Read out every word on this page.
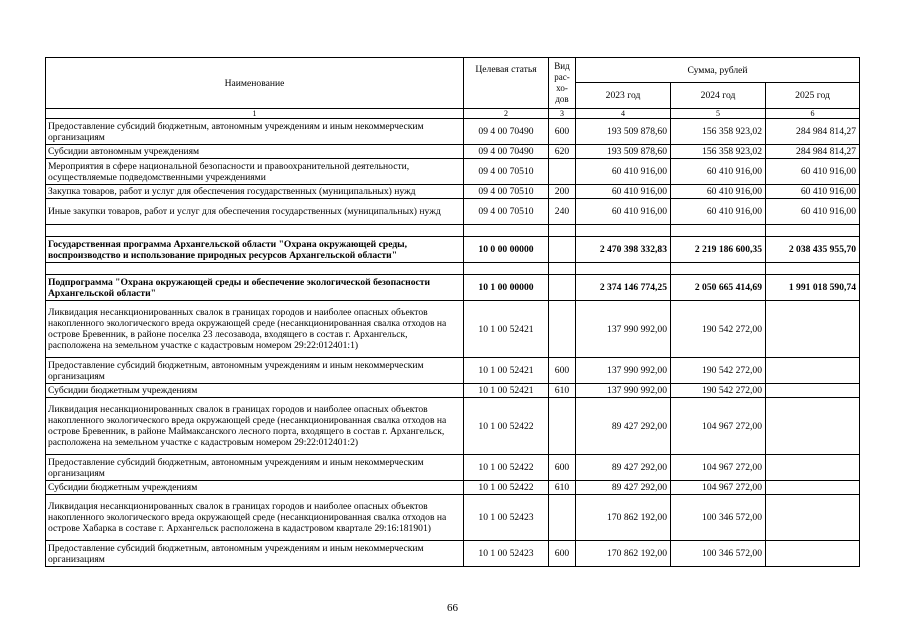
Наименование	Целевая статья	Вид рас- хо- дов	Сумма, рублей		
			2023 год	2024 год	2025 год
1	2	3	4	5	6
Предоставление субсидий бюджетным, автономным учреждениям и иным некоммерческим организациям	09 4 00 70490	600	193 509 878,60	156 358 923,02	284 984 814,27
Субсидии автономным учреждениям	09 4 00 70490	620	193 509 878,60	156 358 923,02	284 984 814,27
Мероприятия в сфере национальной безопасности и правоохранительной деятельности, осуществляемые подведомственными учреждениями	09 4 00 70510		60 410 916,00	60 410 916,00	60 410 916,00
Закупка товаров, работ и услуг для обеспечения государственных (муниципальных) нужд	09 4 00 70510	200	60 410 916,00	60 410 916,00	60 410 916,00
Иные закупки товаров, работ и услуг для обеспечения государственных (муниципальных) нужд	09 4 00 70510	240	60 410 916,00	60 410 916,00	60 410 916,00

Государственная программа Архангельской области "Охрана окружающей среды, воспроизводство и использование природных ресурсов Архангельской области"	10 0 00 00000		2 470 398 332,83	2 219 186 600,35	2 038 435 955,70

Подпрограмма "Охрана окружающей среды и обеспечение экологической безопасности Архангельской области"	10 1 00 00000		2 374 146 774,25	2 050 665 414,69	1 991 018 590,74
Ликвидация несанкционированных свалок в границах городов и наиболее опасных объектов накопленного экологического вреда окружающей среде (несанкционированная свалка отходов на острове Бревенник, в районе поселка 23 лесозавода, входящего в состав г. Архангельск, расположена на земельном участке с кадастровым номером 29:22:012401:1)	10 1 00 52421		137 990 992,00	190 542 272,00	
Предоставление субсидий бюджетным, автономным учреждениям и иным некоммерческим организациям	10 1 00 52421	600	137 990 992,00	190 542 272,00	
Субсидии бюджетным учреждениям	10 1 00 52421	610	137 990 992,00	190 542 272,00	
Ликвидация несанкционированных свалок в границах городов и наиболее опасных объектов накопленного экологического вреда окружающей среде (несанкционированная свалка отходов на острове Бревенник, в районе Маймаксанского лесного порта, входящего в состав г. Архангельск, расположена на земельном участке с кадастровым номером 29:22:012401:2)	10 1 00 52422		89 427 292,00	104 967 272,00	
Предоставление субсидий бюджетным, автономным учреждениям и иным некоммерческим организациям	10 1 00 52422	600	89 427 292,00	104 967 272,00	
Субсидии бюджетным учреждениям	10 1 00 52422	610	89 427 292,00	104 967 272,00	
Ликвидация несанкционированных свалок в границах городов и наиболее опасных объектов накопленного экологического вреда окружающей среде (несанкционированная свалка отходов на острове Хабарка в составе г. Архангельск расположена в кадастровом квартале 29:16:181901)	10 1 00 52423		170 862 192,00	100 346 572,00	
Предоставление субсидий бюджетным, автономным учреждениям и иным некоммерческим организациям	10 1 00 52423	600	170 862 192,00	100 346 572,00	
66
